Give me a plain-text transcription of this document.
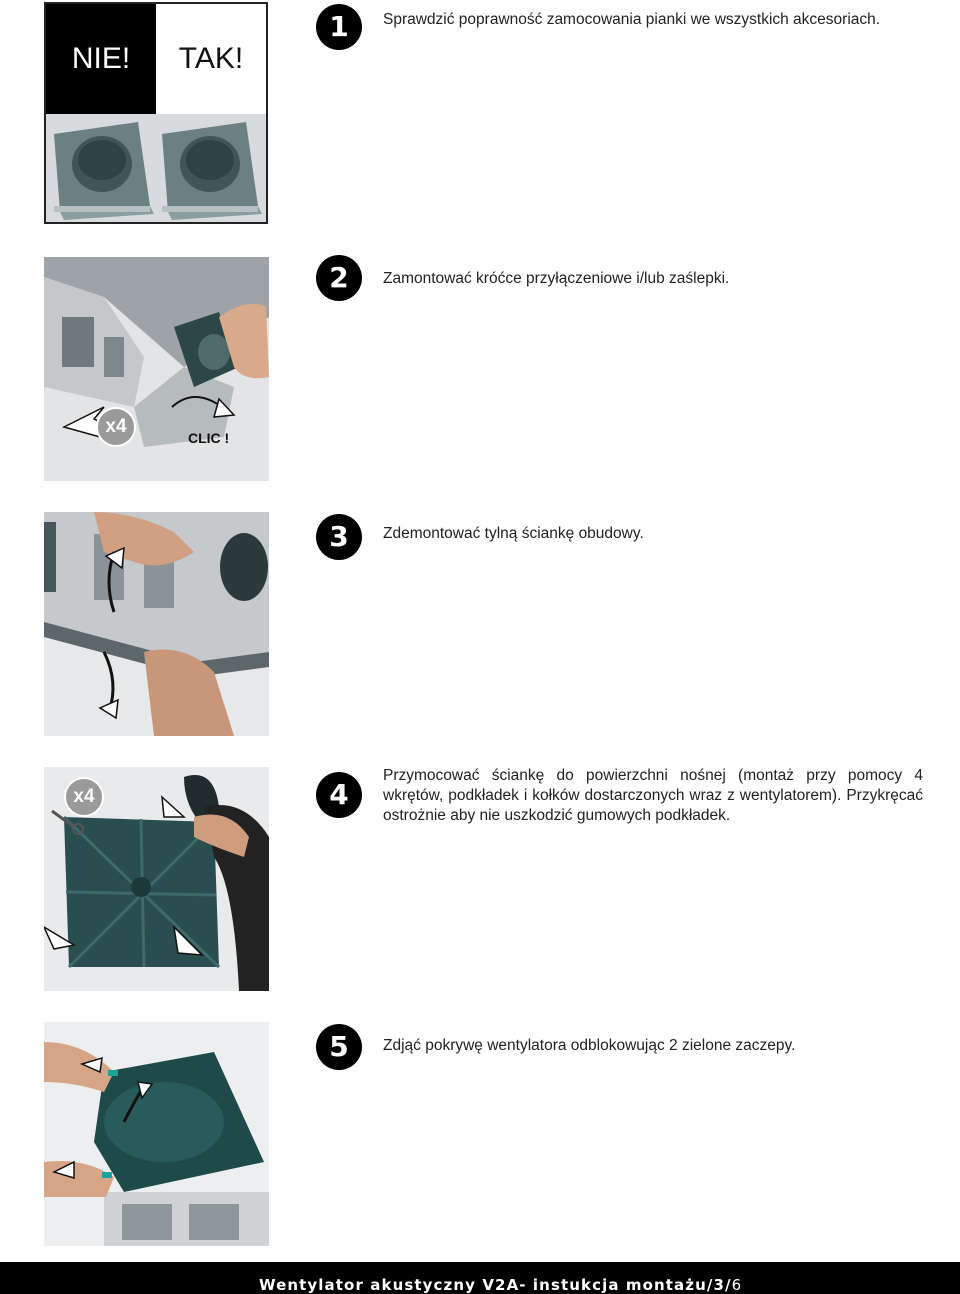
NIE!	TAK!
1	Sprawdzić poprawność zamocowania pianki we wszystkich akcesoriach.
x4
CLIC !
2	Zamontować króćce przyłączeniowe i/lub zaślepki.
3	Zdemontować tylną ściankę obudowy.
x4	4
Przymocować ściankę do powierzchni nośnej (montaż przy pomocy 4 wkrętów, podkładek i kołków dostarczonych wraz z wentylatorem). Przykręcać ostrożnie aby nie uszkodzić gumowych podkładek.
5	Zdjąć pokrywę wentylatora odblokowując 2 zielone zaczepy.
Wentylator akustyczny V2A- instukcja montażu/3/6
